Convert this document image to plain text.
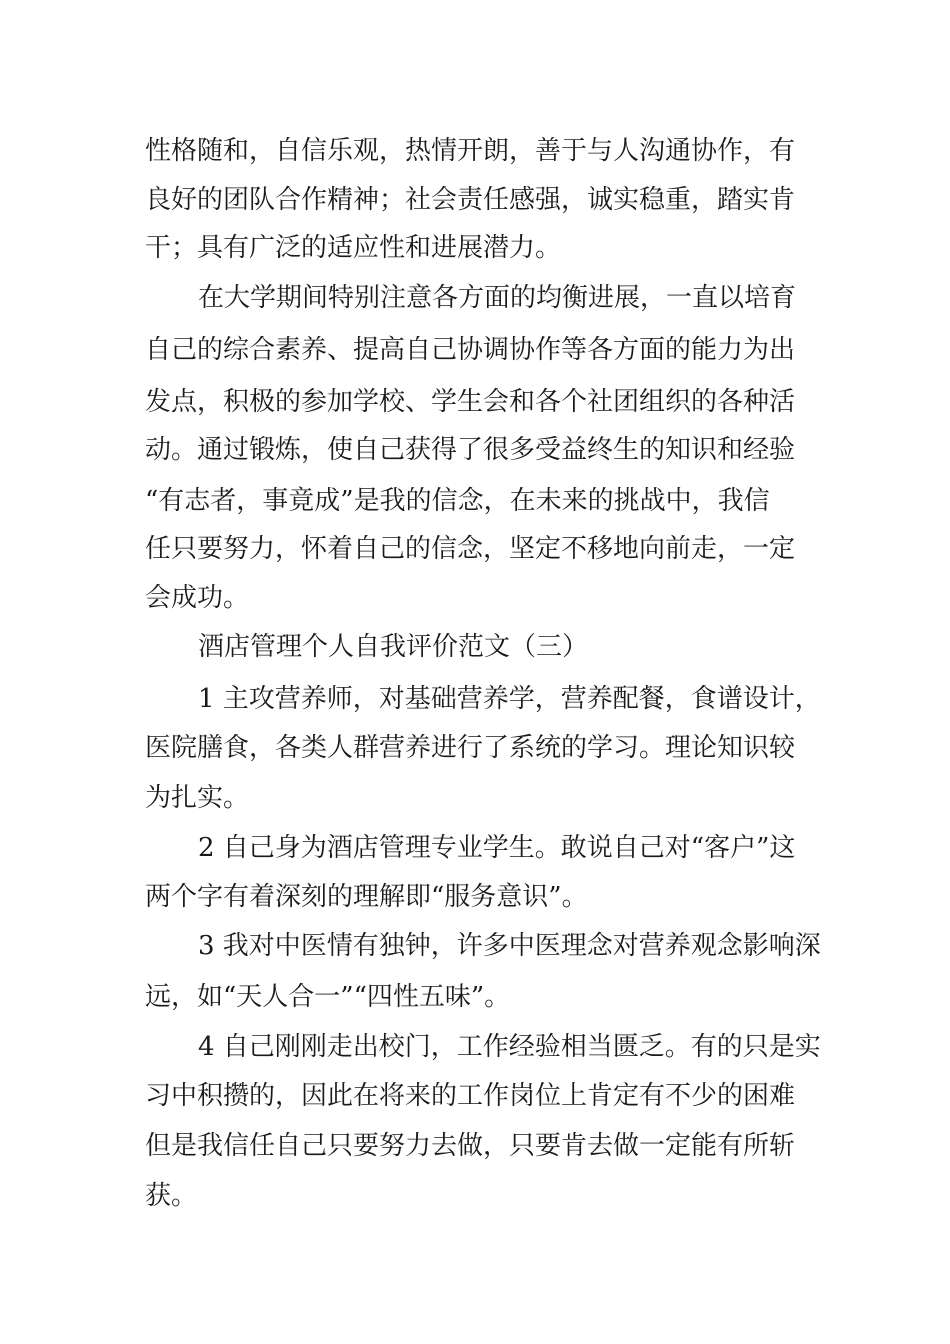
性格随和，自信乐观，热情开朗，善于与人沟通协作，有
良好的团队合作精神；社会责任感强，诚实稳重，踏实肯
干；具有广泛的适应性和进展潜力。
在大学期间特别注意各方面的均衡进展，一直以培育
自己的综合素养、提高自己协调协作等各方面的能力为出
发点，积极的参加学校、学生会和各个社团组织的各种活
动。通过锻炼，使自己获得了很多受益终生的知识和经验
“有志者，事竟成”是我的信念，在未来的挑战中，我信
任只要努力，怀着自己的信念，坚定不移地向前走，一定
会成功。
酒店管理个人自我评价范文（三）
1 主攻营养师，对基础营养学，营养配餐，食谱设计，
医院膳食，各类人群营养进行了系统的学习。理论知识较
为扎实。
2 自己身为酒店管理专业学生。敢说自己对“客户”这
两个字有着深刻的理解即“服务意识”。
3 我对中医情有独钟，许多中医理念对营养观念影响深
远，如“天人合一”“四性五味”。
4 自己刚刚走出校门，工作经验相当匮乏。有的只是实
习中积攒的，因此在将来的工作岗位上肯定有不少的困难
但是我信任自己只要努力去做，只要肯去做一定能有所斩
获。
